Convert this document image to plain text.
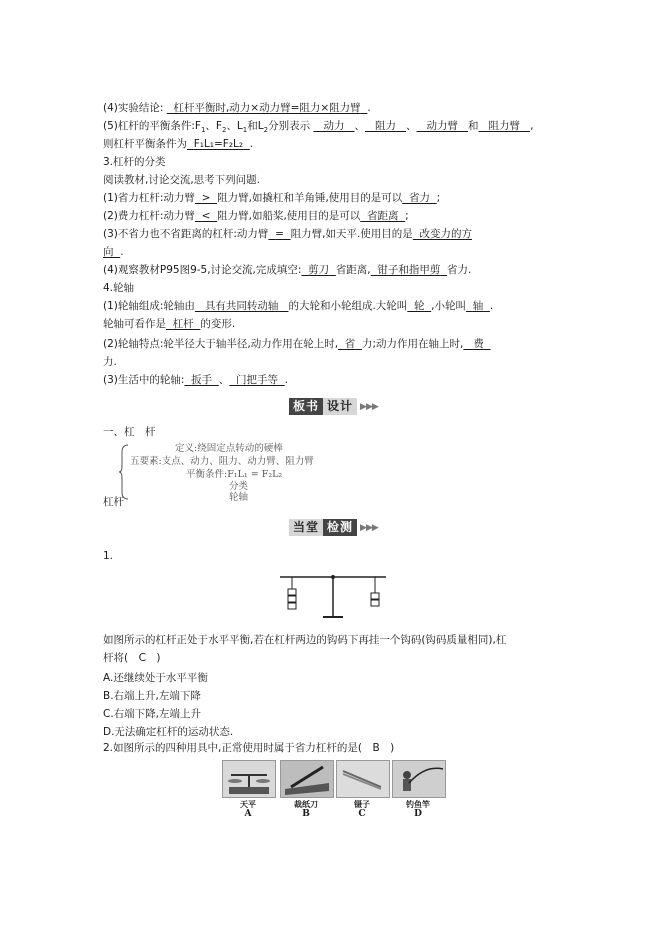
(4)实验结论: 杠杆平衡时,动力×动力臂=阻力×阻力臂 .
(5)杠杆的平衡条件$:F_1$、$F_2$、$L_1$和$L_2$分别表示 动力 、 阻力 、 动力臂 和 阻力臂 ,
则杠杆平衡条件为 F₁L₁=F₂L₂ .
3.杠杆的分类
阅读教材,讨论交流,思考下列问题.
(1)省力杠杆:动力臂 > 阻力臂,如撬杠和羊角锤,使用目的是可以 省力 ;
(2)费力杠杆:动力臂 < 阻力臂,如船桨,使用目的是可以 省距离 ;
(3)不省力也不省距离的杠杆:动力臂 = 阻力臂,如天平.使用目的是 改变力的方
向 .
(4)观察教材P95图9-5,讨论交流,完成填空: 剪刀 省距离, 钳子和指甲剪 省力.
4.轮轴
(1)轮轴组成:轮轴由 具有共同转动轴 的大轮和小轮组成.大轮叫 轮 ,小轮叫 轴 .
轮轴可看作是 杠杆 的变形.
(2)轮轴特点:轮半径大于轴半径,动力作用在轮上时, 省 力;动力作用在轴上时, 费
力.
(3)生活中的轮轴: 扳手 、 门把手等 .
板书 设计 ▶▶▶
一、杠　杆
杠杆
定义:绕固定点转动的硬棒
五要素:支点、动力、阻力、动力臂、阻力臂
平衡条件:F₁L₁ = F₂L₂
分类
轮轴
当堂 检测 ▶▶▶
1.
如图所示的杠杆正处于水平平衡,若在杠杆两边的钩码下再挂一个钩码(钩码质量相同),杠
杆将(　C　)
A.还继续处于水平平衡
B.右端上升,左端下降
C.右端下降,左端上升
D.无法确定杠杆的运动状态.
2.如图所示的四种用具中,正常使用时属于省力杠杆的是(　B　)
天平	裁纸刀	镊子	钓鱼竿
A	B	C	D
